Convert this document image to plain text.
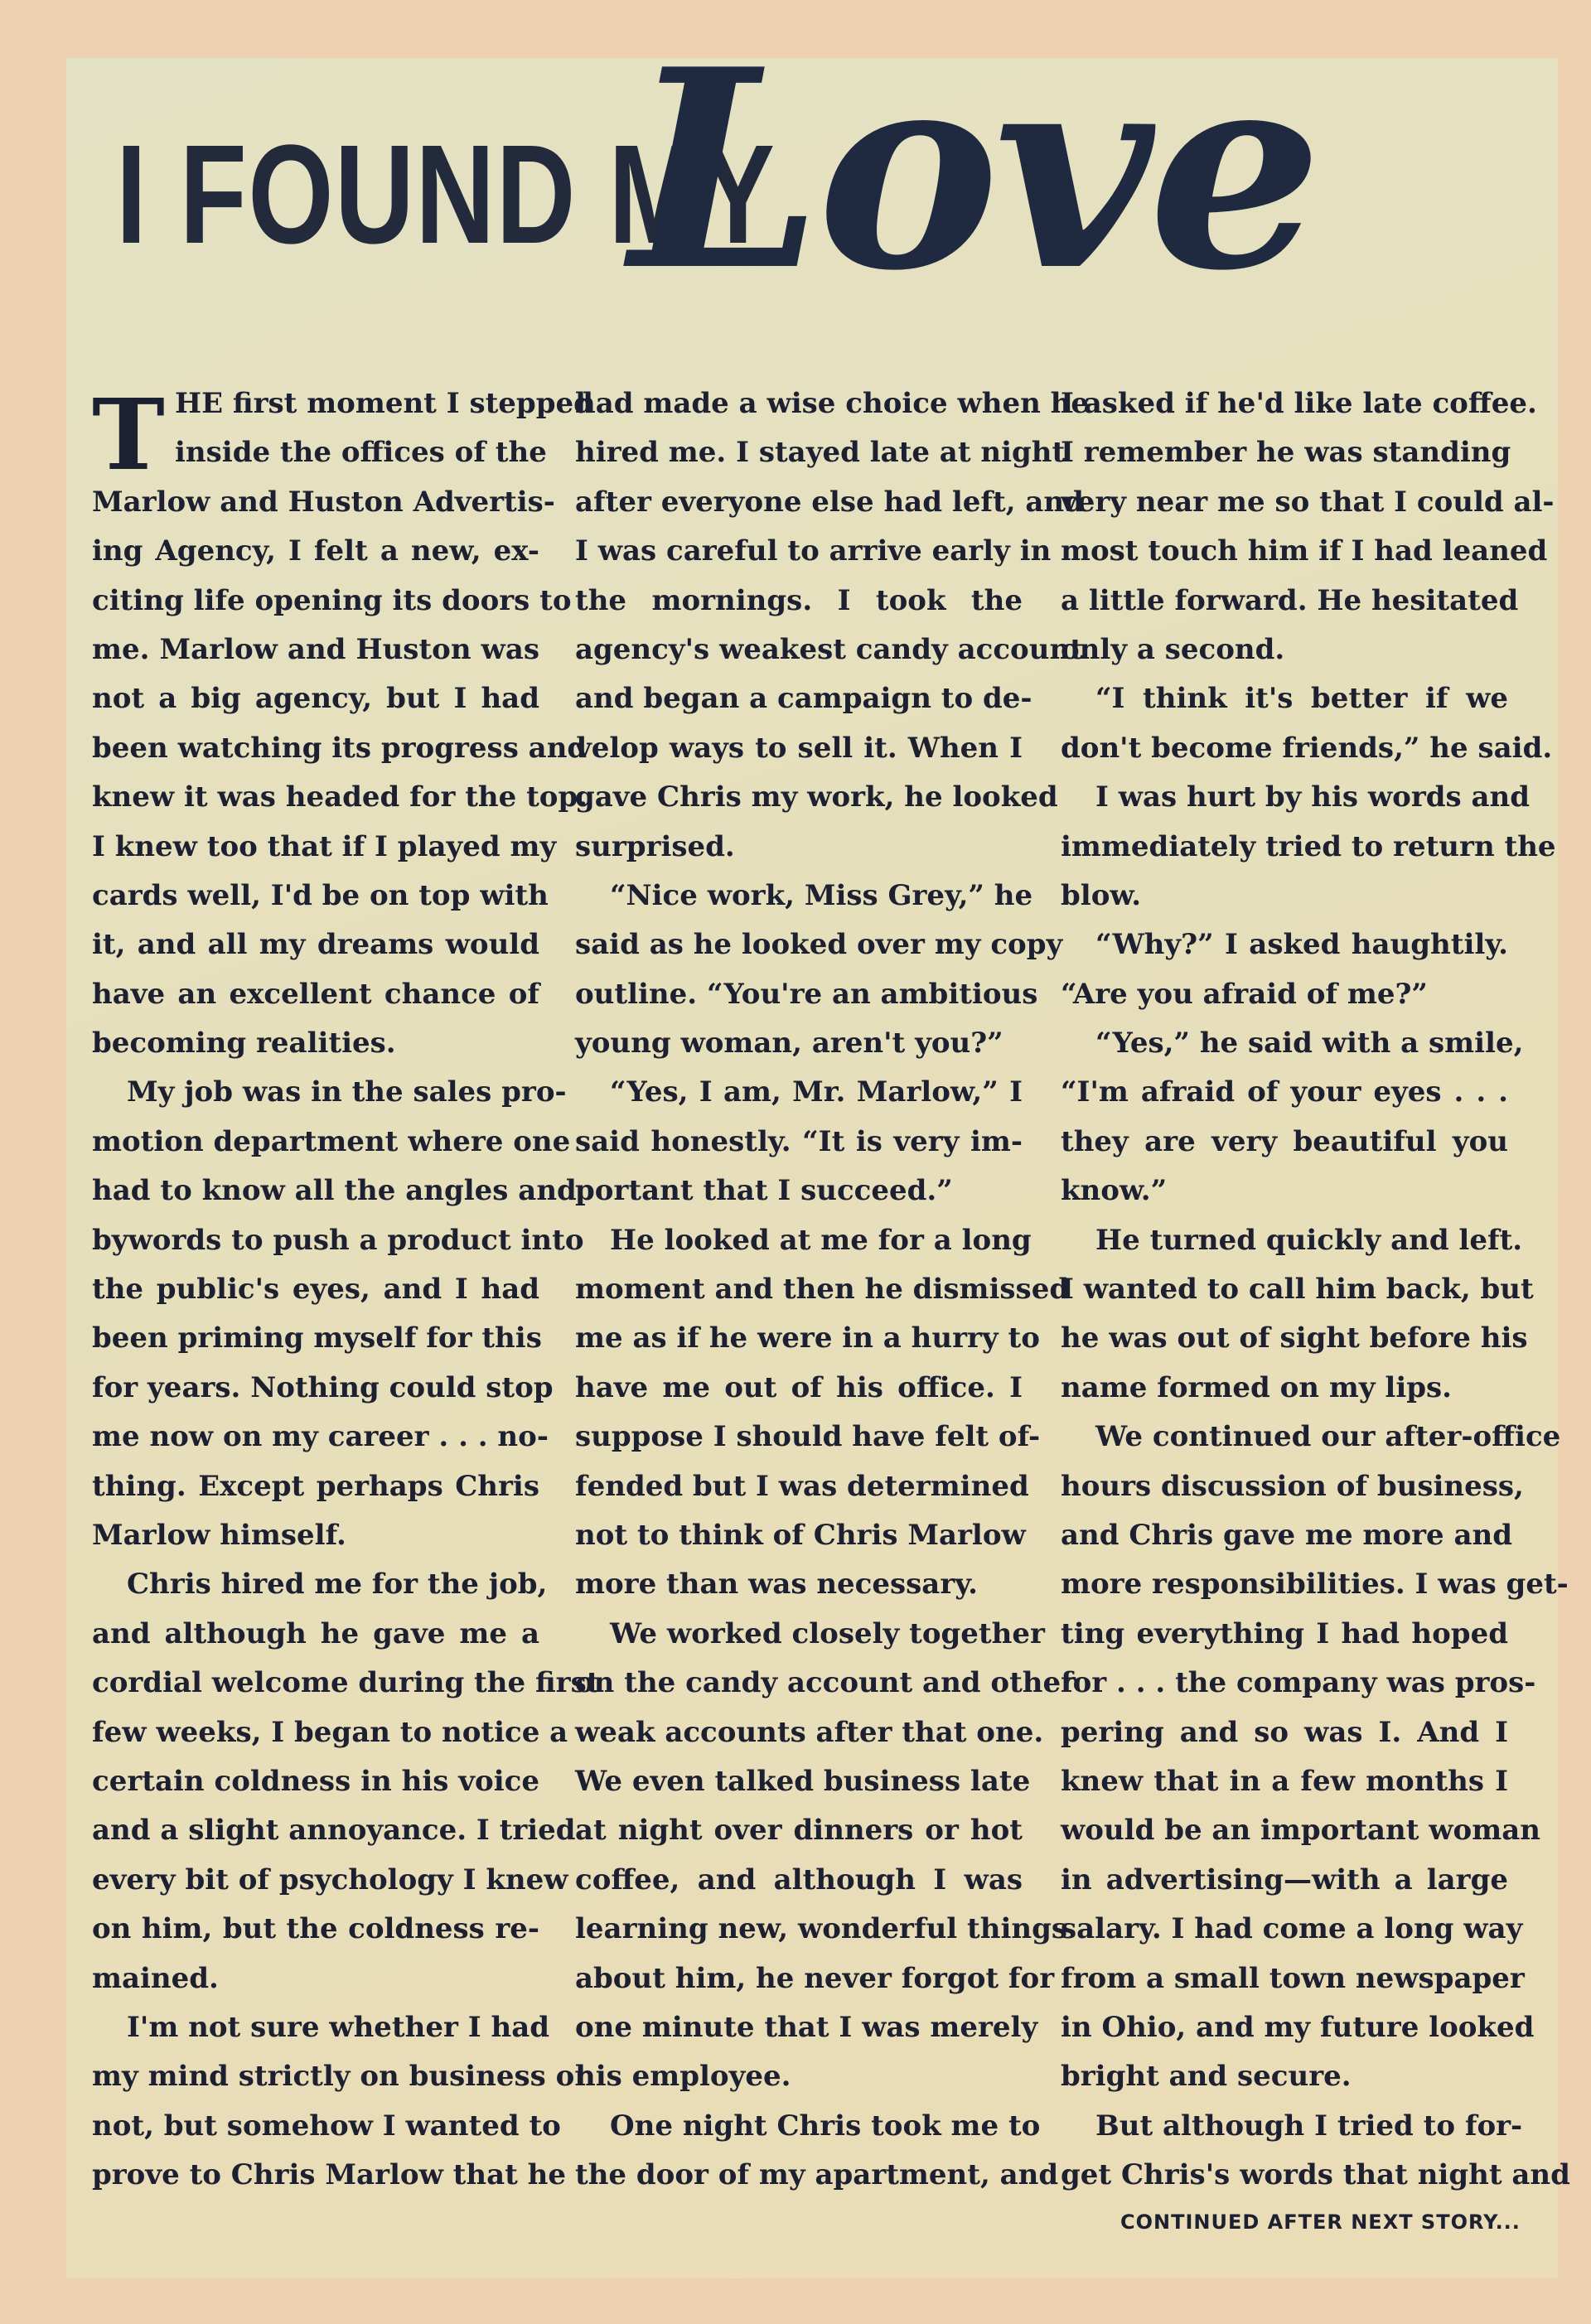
I FOUND MY
Love
T HE first moment I stepped
inside the offices of the
Marlow and Huston Advertis-
ing Agency, I felt a new, ex-
citing life opening its doors to
me. Marlow and Huston was
not a big agency, but I had
been watching its progress and
knew it was headed for the top.
I knew too that if I played my
cards well, I'd be on top with
it, and all my dreams would
have an excellent chance of
becoming realities.
My job was in the sales pro-
motion department where one
had to know all the angles and
bywords to push a product into
the public's eyes, and I had
been priming myself for this
for years. Nothing could stop
me now on my career . . . no-
thing. Except perhaps Chris
Marlow himself.
Chris hired me for the job,
and although he gave me a
cordial welcome during the first
few weeks, I began to notice a
certain coldness in his voice
and a slight annoyance. I tried
every bit of psychology I knew
on him, but the coldness re-
mained.
I'm not sure whether I had
my mind strictly on business or
not, but somehow I wanted to
prove to Chris Marlow that he
had made a wise choice when he
hired me. I stayed late at night
after everyone else had left, and
I was careful to arrive early in
the mornings. I took the
agency's weakest candy account
and began a campaign to de-
velop ways to sell it. When I
gave Chris my work, he looked
surprised.
“Nice work, Miss Grey,” he
said as he looked over my copy
outline. “You're an ambitious
young woman, aren't you?”
“Yes, I am, Mr. Marlow,” I
said honestly. “It is very im-
portant that I succeed.”
He looked at me for a long
moment and then he dismissed
me as if he were in a hurry to
have me out of his office. I
suppose I should have felt of-
fended but I was determined
not to think of Chris Marlow
more than was necessary.
We worked closely together
on the candy account and other
weak accounts after that one.
We even talked business late
at night over dinners or hot
coffee, and although I was
learning new, wonderful things
about him, he never forgot for
one minute that I was merely
his employee.
One night Chris took me to
the door of my apartment, and
I asked if he'd like late coffee.
I remember he was standing
very near me so that I could al-
most touch him if I had leaned
a little forward. He hesitated
only a second.
“I think it's better if we
don't become friends,” he said.
I was hurt by his words and
immediately tried to return the
blow.
“Why?” I asked haughtily.
“Are you afraid of me?”
“Yes,” he said with a smile,
“I'm afraid of your eyes . . .
they are very beautiful you
know.”
He turned quickly and left.
I wanted to call him back, but
he was out of sight before his
name formed on my lips.
We continued our after-office
hours discussion of business,
and Chris gave me more and
more responsibilities. I was get-
ting everything I had hoped
for . . . the company was pros-
pering and so was I. And I
knew that in a few months I
would be an important woman
in advertising—with a large
salary. I had come a long way
from a small town newspaper
in Ohio, and my future looked
bright and secure.
But although I tried to for-
get Chris's words that night and
CONTINUED AFTER NEXT STORY...
